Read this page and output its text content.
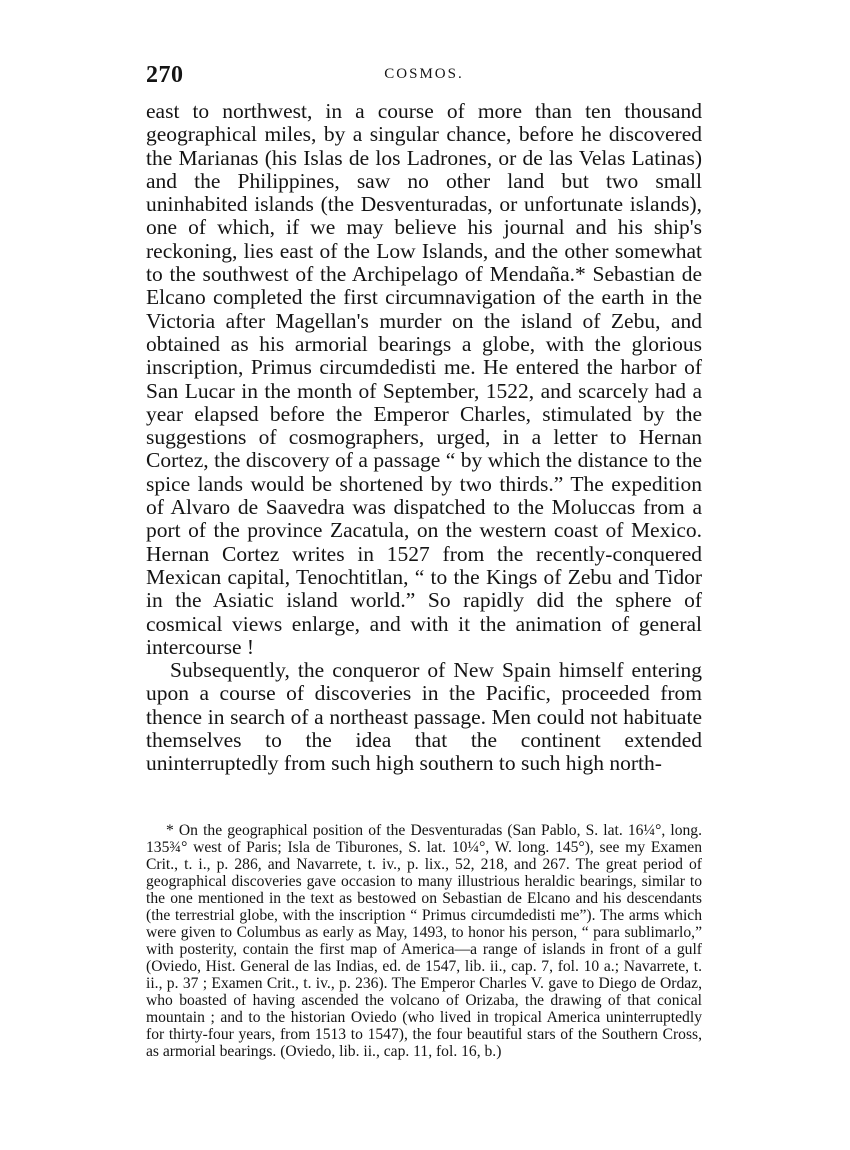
270	COSMOS.

east to northwest, in a course of more than ten thousand geographical miles, by a singular chance, before he discovered the Marianas (his Islas de los Ladrones, or de las Velas Latinas) and the Philippines, saw no other land but two small uninhabited islands (the Desventuradas, or unfortunate islands), one of which, if we may believe his journal and his ship's reckoning, lies east of the Low Islands, and the other somewhat to the southwest of the Archipelago of Mendaña.* Sebastian de Elcano completed the first circumnavigation of the earth in the Victoria after Magellan's murder on the island of Zebu, and obtained as his armorial bearings a globe, with the glorious inscription, Primus circumdedisti me. He entered the harbor of San Lucar in the month of September, 1522, and scarcely had a year elapsed before the Emperor Charles, stimulated by the suggestions of cosmographers, urged, in a letter to Hernan Cortez, the discovery of a passage “ by which the distance to the spice lands would be shortened by two thirds.” The expedition of Alvaro de Saavedra was dispatched to the Moluccas from a port of the province Zacatula, on the western coast of Mexico. Hernan Cortez writes in 1527 from the recently-conquered Mexican capital, Tenochtitlan, “ to the Kings of Zebu and Tidor in the Asiatic island world.” So rapidly did the sphere of cosmical views enlarge, and with it the animation of general intercourse !

Subsequently, the conqueror of New Spain himself entering upon a course of discoveries in the Pacific, proceeded from thence in search of a northeast passage. Men could not habituate themselves to the idea that the continent extended uninterruptedly from such high southern to such high north-

* On the geographical position of the Desventuradas (San Pablo, S. lat. 16¼°, long. 135¾° west of Paris; Isla de Tiburones, S. lat. 10¼°, W. long. 145°), see my Examen Crit., t. i., p. 286, and Navarrete, t. iv., p. lix., 52, 218, and 267. The great period of geographical discoveries gave occasion to many illustrious heraldic bearings, similar to the one mentioned in the text as bestowed on Sebastian de Elcano and his descendants (the terrestrial globe, with the inscription “ Primus circumdedisti me”). The arms which were given to Columbus as early as May, 1493, to honor his person, “ para sublimarlo,” with posterity, contain the first map of America—a range of islands in front of a gulf (Oviedo, Hist. General de las Indias, ed. de 1547, lib. ii., cap. 7, fol. 10 a.; Navarrete, t. ii., p. 37 ; Examen Crit., t. iv., p. 236). The Emperor Charles V. gave to Diego de Ordaz, who boasted of having ascended the volcano of Orizaba, the drawing of that conical mountain ; and to the historian Oviedo (who lived in tropical America uninterruptedly for thirty-four years, from 1513 to 1547), the four beautiful stars of the Southern Cross, as armorial bearings. (Oviedo, lib. ii., cap. 11, fol. 16, b.)
